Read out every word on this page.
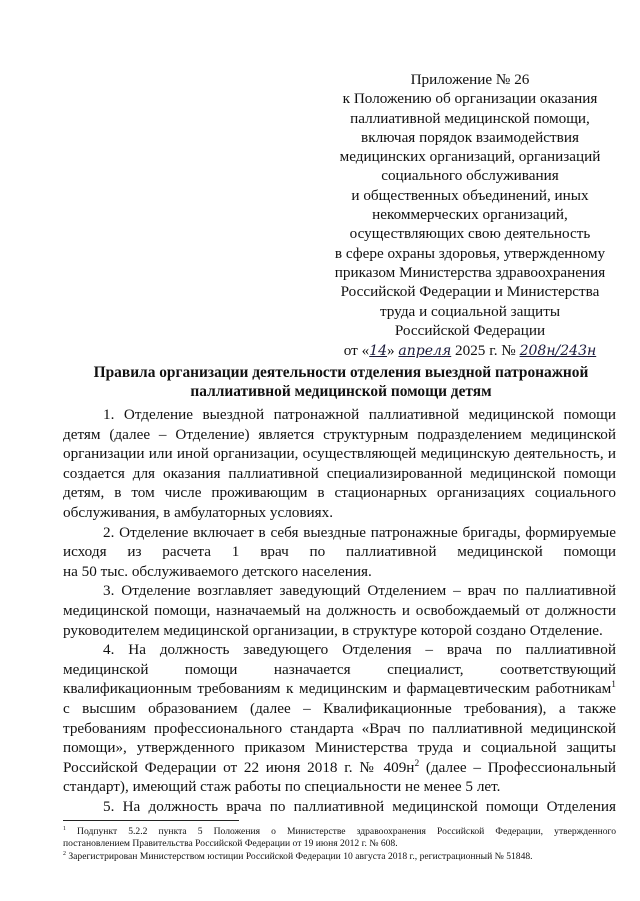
Приложение № 26
к Положению об организации оказания
паллиативной медицинской помощи,
включая порядок взаимодействия
медицинских организаций, организаций
социального обслуживания
и общественных объединений, иных
некоммерческих организаций,
осуществляющих свою деятельность
в сфере охраны здоровья, утвержденному
приказом Министерства здравоохранения
Российской Федерации и Министерства
труда и социальной защиты
Российской Федерации
от «14» апреля 2025 г. № 208н/243н
Правила организации деятельности отделения выездной патронажной
паллиативной медицинской помощи детям
1. Отделение выездной патронажной паллиативной медицинской помощи
детям (далее – Отделение) является структурным подразделением медицинской
организации или иной организации, осуществляющей медицинскую деятельность, и
создается для оказания паллиативной специализированной медицинской помощи
детям, в том числе проживающим в стационарных организациях социального
обслуживания, в амбулаторных условиях.
2. Отделение включает в себя выездные патронажные бригады, формируемые
исходя из расчета 1 врач по паллиативной медицинской помощи
на 50 тыс. обслуживаемого детского населения.
3. Отделение возглавляет заведующий Отделением – врач по паллиативной
медицинской помощи, назначаемый на должность и освобождаемый от должности
руководителем медицинской организации, в структуре которой создано Отделение.
4. На должность заведующего Отделения – врача по паллиативной
медицинской помощи назначается специалист, соответствующий
квалификационным требованиям к медицинским и фармацевтическим работникам$^1$
с высшим образованием (далее – Квалификационные требования), а также
требованиям профессионального стандарта «Врач по паллиативной медицинской
помощи», утвержденного приказом Министерства труда и социальной защиты
Российской Федерации от 22 июня 2018 г. № $409н^2$ (далее – Профессиональный
стандарт), имеющий стаж работы по специальности не менее 5 лет.
5. На должность врача по паллиативной медицинской помощи Отделения
$^1$ Подпункт 5.2.2 пункта 5 Положения о Министерстве здравоохранения Российской Федерации, утвержденного
постановлением Правительства Российской Федерации от 19 июня 2012 г. № 608.
$^2$ Зарегистрирован Министерством юстиции Российской Федерации 10 августа 2018 г., регистрационный № 51848.
